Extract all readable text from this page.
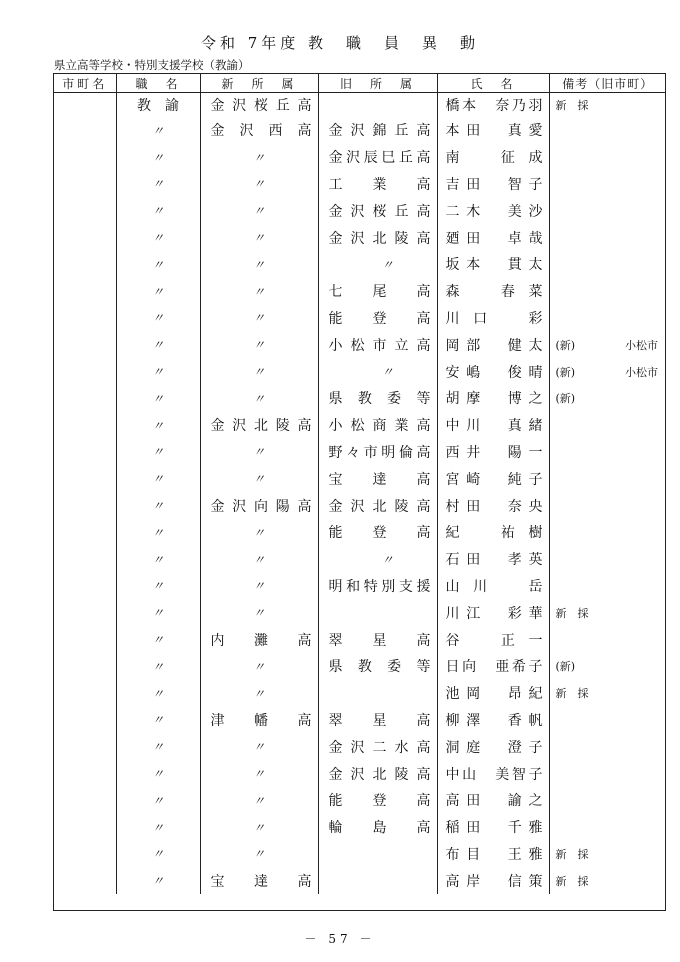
令和 7年度 教　職　員　異　動
県立高等学校・特別支援学校（教諭）
市町名	職　名	新　所　属	旧　所　属	氏　名	備考（旧市町）
	教　諭	金沢桜丘高		橋本　奈乃羽	新　採

	〃	金沢西高	金沢錦丘高	本田　真愛	

	〃	〃	金沢辰巳丘高	南　征成	

	〃	〃	工業高	吉田　智子	

	〃	〃	金沢桜丘高	二木　美沙	

	〃	〃	金沢北陵高	廼田　卓哉	

	〃	〃	〃	坂本　貫太	

	〃	〃	七尾高	森　春菜	

	〃	〃	能登高	川口　彩	

	〃	〃	小松市立高	岡部　健太	(新) 小松市

	〃	〃	〃	安嶋　俊晴	(新) 小松市

	〃	〃	県教委等	胡摩　博之	(新)

	〃	金沢北陵高	小松商業高	中川　真緒	

	〃	〃	野々市明倫高	西井　陽一	

	〃	〃	宝達高	宮崎　純子	

	〃	金沢向陽高	金沢北陵高	村田　奈央	

	〃	〃	能登高	紀　祐樹	

	〃	〃	〃	石田　孝英	

	〃	〃	明和特別支援	山川　岳	

	〃	〃		川江　彩華	新　採

	〃	内灘高	翠星高	谷　正一	

	〃	〃	県教委等	日向　亜希子	(新)

	〃	〃		池岡　昂紀	新　採

	〃	津幡高	翠星高	柳澤　香帆	

	〃	〃	金沢二水高	洞庭　澄子	

	〃	〃	金沢北陵高	中山　美智子	

	〃	〃	能登高	高田　諭之	

	〃	〃	輪島高	稲田　千雅	

	〃	〃		布目　王雅	新　採

	〃	宝達高		高岸　信策	新　採
－ 57 －
